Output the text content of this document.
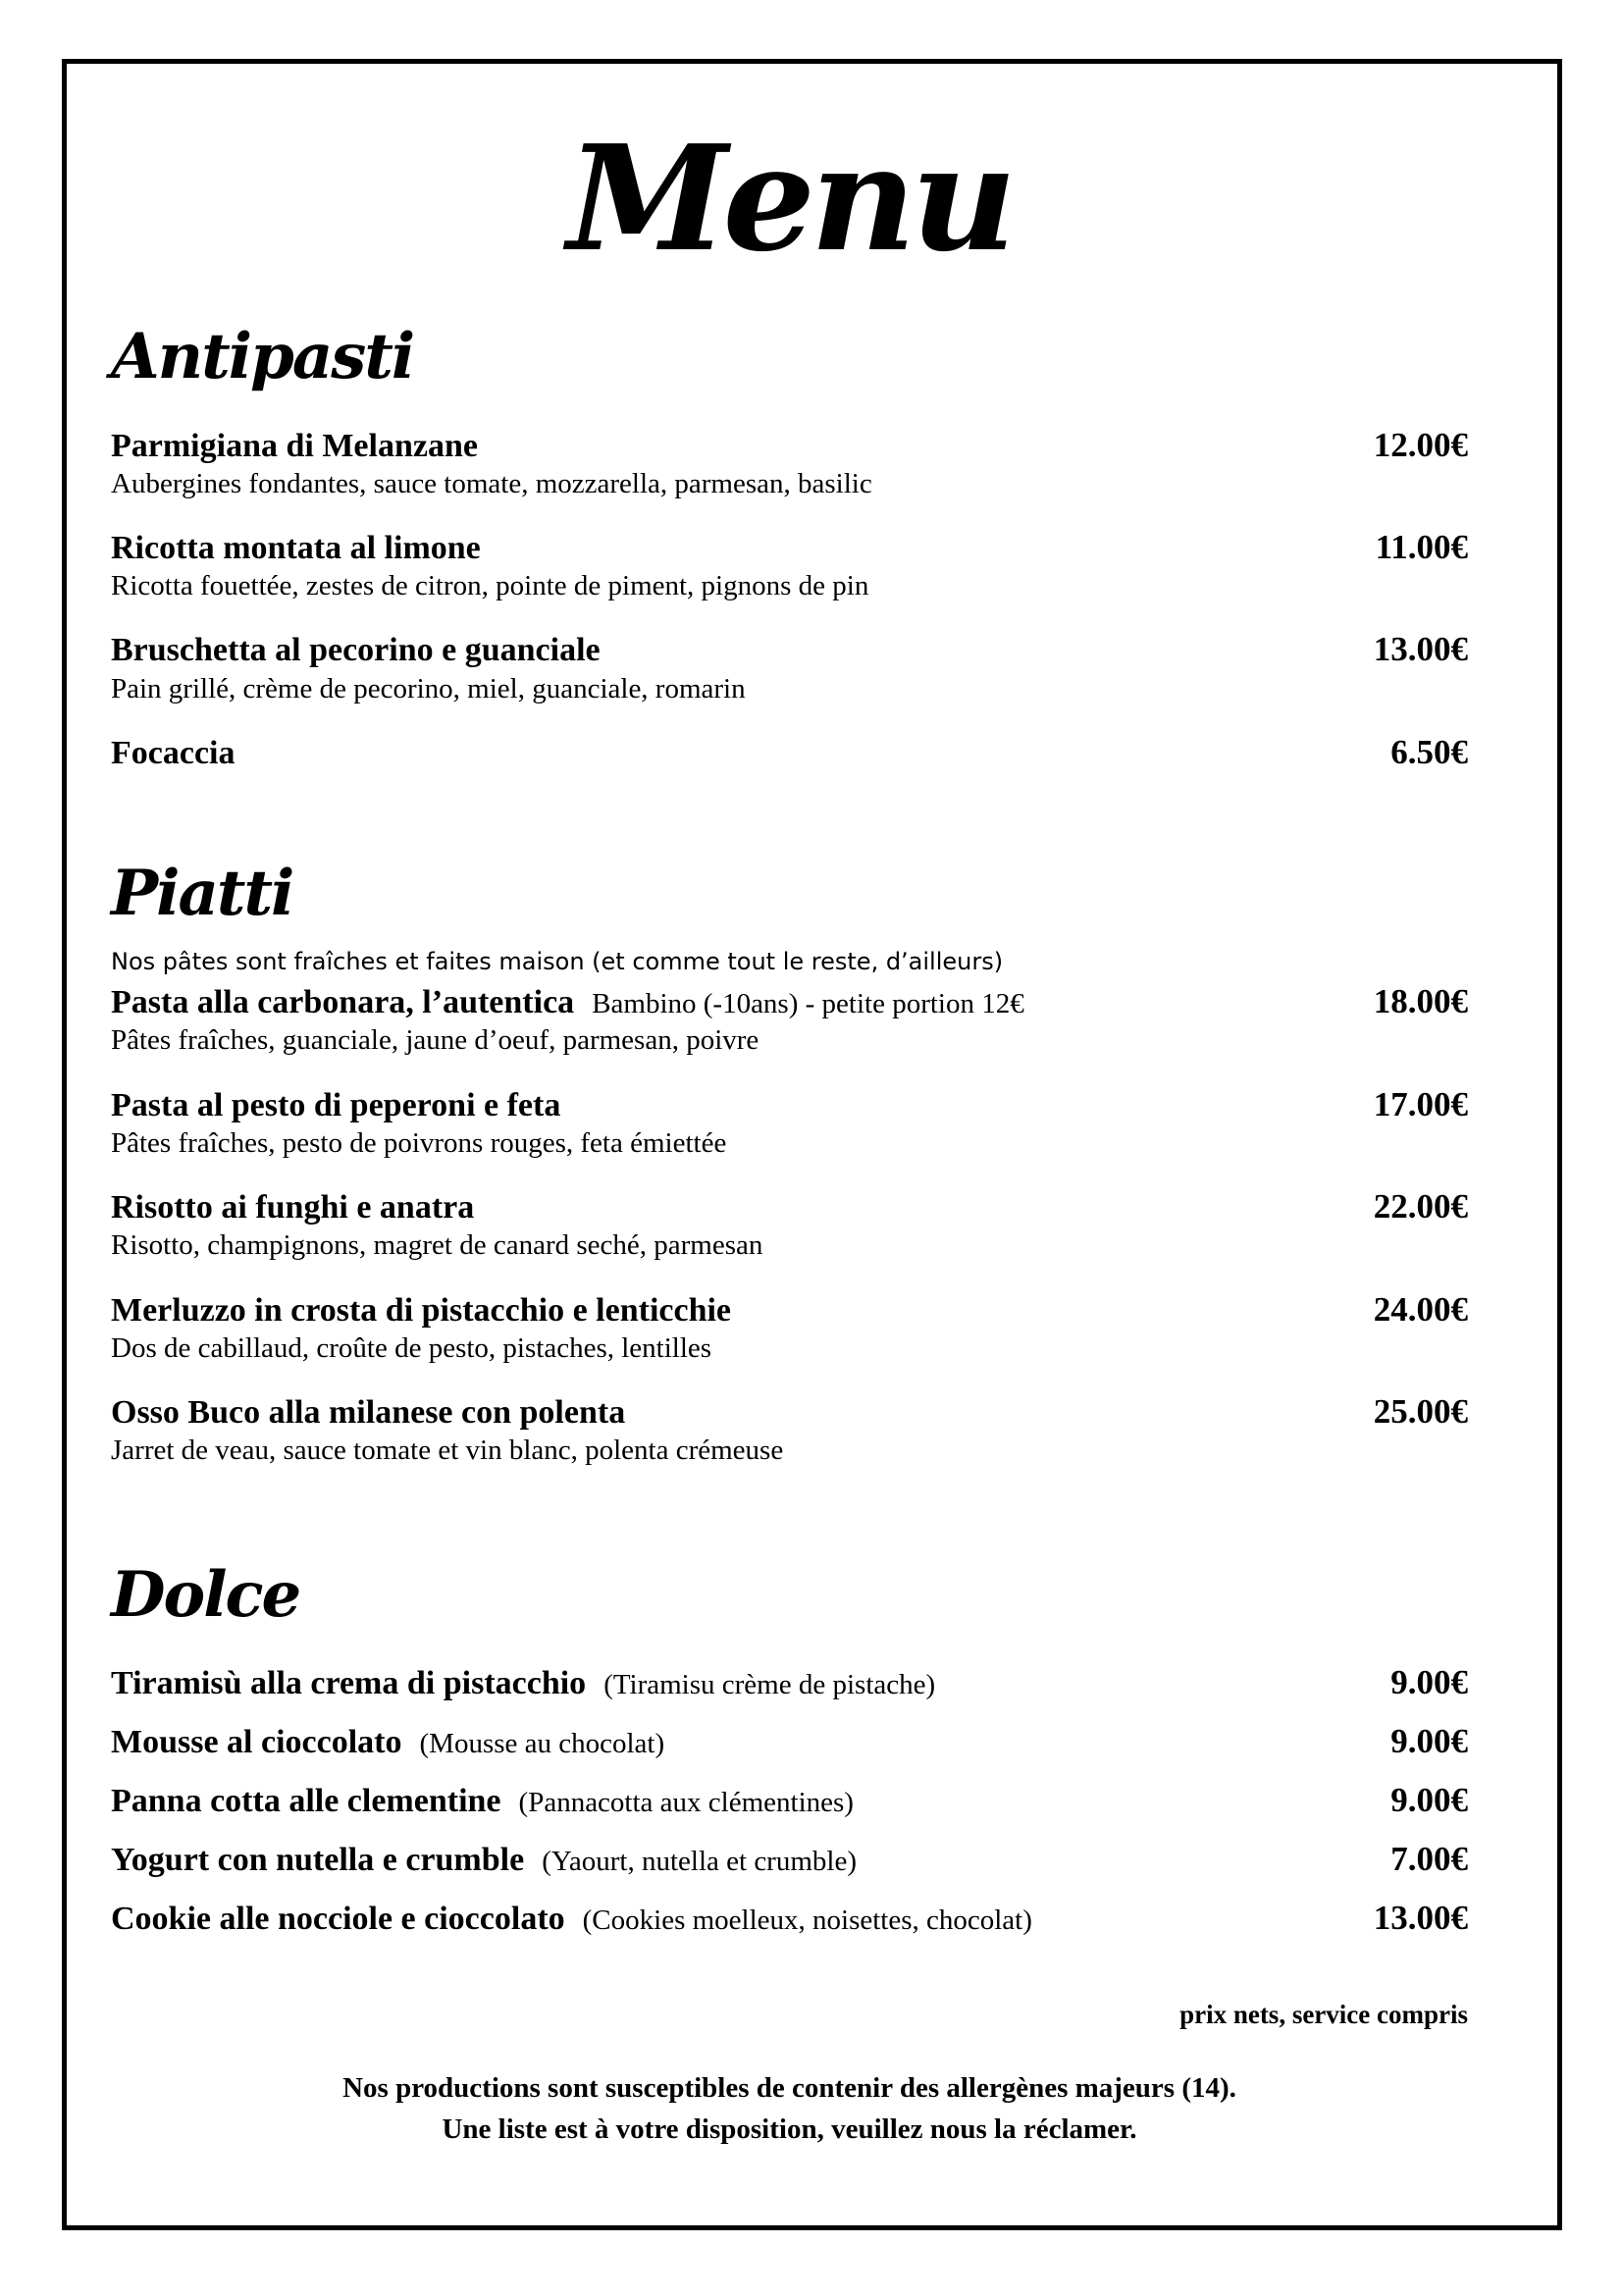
Menu
Antipasti
Parmigiana di Melanzane	12.00€
Aubergines fondantes, sauce tomate, mozzarella, parmesan, basilic
Ricotta montata al limone	11.00€
Ricotta fouettée, zestes de citron, pointe de piment, pignons de pin
Bruschetta al pecorino e guanciale	13.00€
Pain grillé, crème de pecorino, miel, guanciale, romarin
Focaccia	6.50€
Piatti
Nos pâtes sont fraîches et faites maison (et comme tout le reste, d’ailleurs)
Pasta alla carbonara, l’autentica Bambino (-10ans) - petite portion 12€	18.00€
Pâtes fraîches, guanciale, jaune d’oeuf, parmesan, poivre
Pasta al pesto di peperoni e feta	17.00€
Pâtes fraîches, pesto de poivrons rouges, feta émiettée
Risotto ai funghi e anatra	22.00€
Risotto, champignons, magret de canard seché, parmesan
Merluzzo in crosta di pistacchio e lenticchie	24.00€
Dos de cabillaud, croûte de pesto, pistaches, lentilles
Osso Buco alla milanese con polenta	25.00€
Jarret de veau, sauce tomate et vin blanc, polenta crémeuse
Dolce
Tiramisù alla crema di pistacchio (Tiramisu crème de pistache)	9.00€
Mousse al cioccolato (Mousse au chocolat)	9.00€
Panna cotta alle clementine (Pannacotta aux clémentines)	9.00€
Yogurt con nutella e crumble (Yaourt, nutella et crumble)	7.00€
Cookie alle nocciole e cioccolato (Cookies moelleux, noisettes, chocolat)	13.00€
prix nets, service compris
Nos productions sont susceptibles de contenir des allergènes majeurs (14).
Une liste est à votre disposition, veuillez nous la réclamer.
